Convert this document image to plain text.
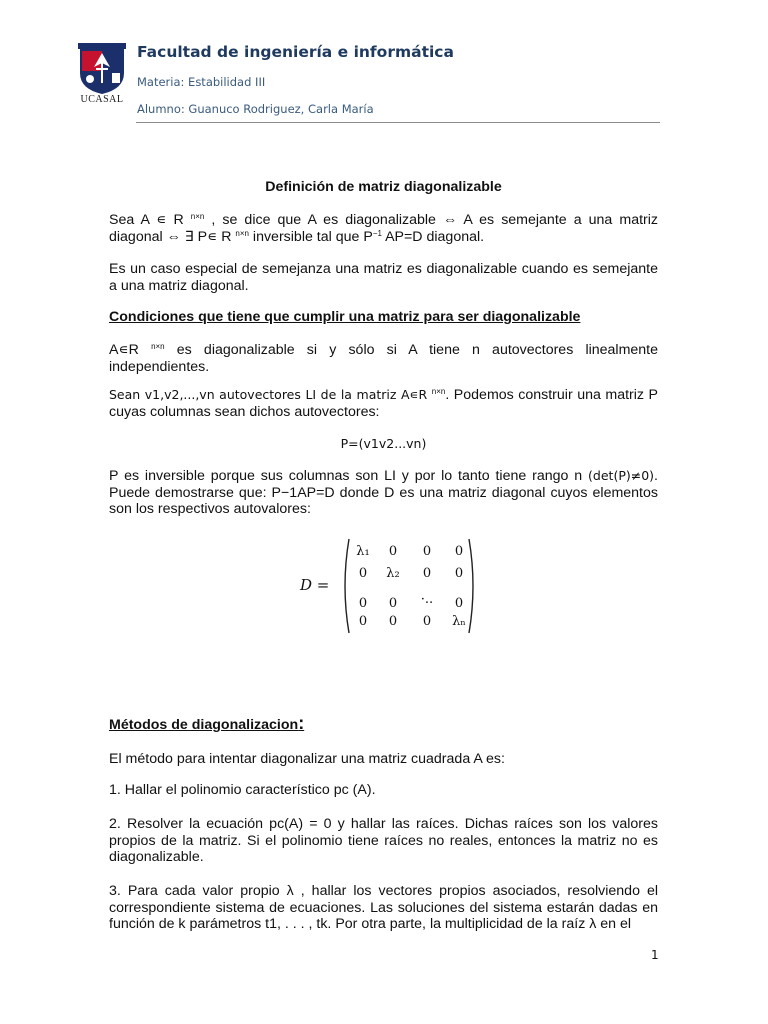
UCASAL
Facultad de ingeniería e informática
Materia: Estabilidad III
Alumno: Guanuco Rodriguez, Carla María
Definición de matriz diagonalizable

Sea A ∊ R $^{n\times n}$ , se dice que A es diagonalizable ⇔ A es semejante a una matriz diagonal ⇔ ∃ P∊ R $^{n\times n}$ inversible tal que $P^{-1}$ AP=D diagonal.

Es un caso especial de semejanza una matriz es diagonalizable cuando es semejante a una matriz diagonal.

Condiciones que tiene que cumplir una matriz para ser diagonalizable

A∊R $^{n\times n}$ es diagonalizable si y sólo si A tiene n autovectores linealmente independientes.

Sean v1,v2,...,vn autovectores LI de la matriz A∊R $^{n\times n}$. Podemos construir una matriz P cuyas columnas sean dichos autovectores:

P=(v1v2...vn)

P es inversible porque sus columnas son LI y por lo tanto tiene rango n (det(P)≠0). Puede demostrarse que: P−1AP=D donde D es una matriz diagonal cuyos elementos son los respectivos autovalores:

D =
λ₁	0	0	0
0	λ₂	0	0
0	0	·..	0
0	0	0	λₙ
Métodos de diagonalizacion:

El método para intentar diagonalizar una matriz cuadrada A es:

1. Hallar el polinomio característico pc (A).

2. Resolver la ecuación pc(A) = 0 y hallar las raíces. Dichas raíces son los valores propios de la matriz. Si el polinomio tiene raíces no reales, entonces la matriz no es diagonalizable.

3. Para cada valor propio λ , hallar los vectores propios asociados, resolviendo el correspondiente sistema de ecuaciones. Las soluciones del sistema estarán dadas en función de k parámetros t1, . . . , tk. Por otra parte, la multiplicidad de la raíz λ en el

1
